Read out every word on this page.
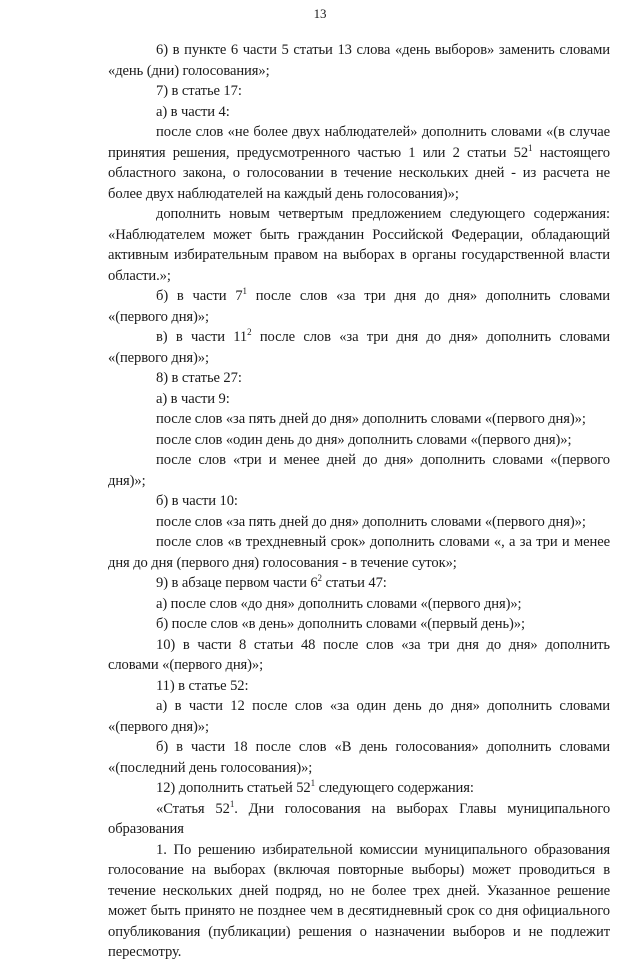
13

6) в пункте 6 части 5 статьи 13 слова «день выборов» заменить словами «день (дни) голосования»;

7) в статье 17:

а) в части 4:

после слов «не более двух наблюдателей» дополнить словами «(в случае принятия решения, предусмотренного частью 1 или 2 статьи $52^1$ настоящего областного закона, о голосовании в течение нескольких дней - из расчета не более двух наблюдателей на каждый день голосования)»;

дополнить новым четвертым предложением следующего содержания: «Наблюдателем может быть гражданин Российской Федерации, обладающий активным избирательным правом на выборах в органы государственной власти области.»;

б) в части $7^1$ после слов «за три дня до дня» дополнить словами «(первого дня)»;

в) в части $11^2$ после слов «за три дня до дня» дополнить словами «(первого дня)»;

8) в статье 27:

а) в части 9:

после слов «за пять дней до дня» дополнить словами «(первого дня)»;

после слов «один день до дня» дополнить словами «(первого дня)»;

после слов «три и менее дней до дня» дополнить словами «(первого дня)»;

б) в части 10:

после слов «за пять дней до дня» дополнить словами «(первого дня)»;

после слов «в трехдневный срок» дополнить словами «, а за три и менее дня до дня (первого дня) голосования - в течение суток»;

9) в абзаце первом части $6^2$ статьи 47:

а) после слов «до дня» дополнить словами «(первого дня)»;

б) после слов «в день» дополнить словами «(первый день)»;

10) в части 8 статьи 48 после слов «за три дня до дня» дополнить словами «(первого дня)»;

11) в статье 52:

а) в части 12 после слов «за один день до дня» дополнить словами «(первого дня)»;

б) в части 18 после слов «В день голосования» дополнить словами «(последний день голосования)»;

12) дополнить статьей $52^1$ следующего содержания:

«Статья $52^1$. Дни голосования на выборах Главы муниципального образования

1. По решению избирательной комиссии муниципального образования голосование на выборах (включая повторные выборы) может проводиться в течение нескольких дней подряд, но не более трех дней. Указанное решение может быть принято не позднее чем в десятидневный срок со дня официального опубликования (публикации) решения о назначении выборов и не подлежит пересмотру.
